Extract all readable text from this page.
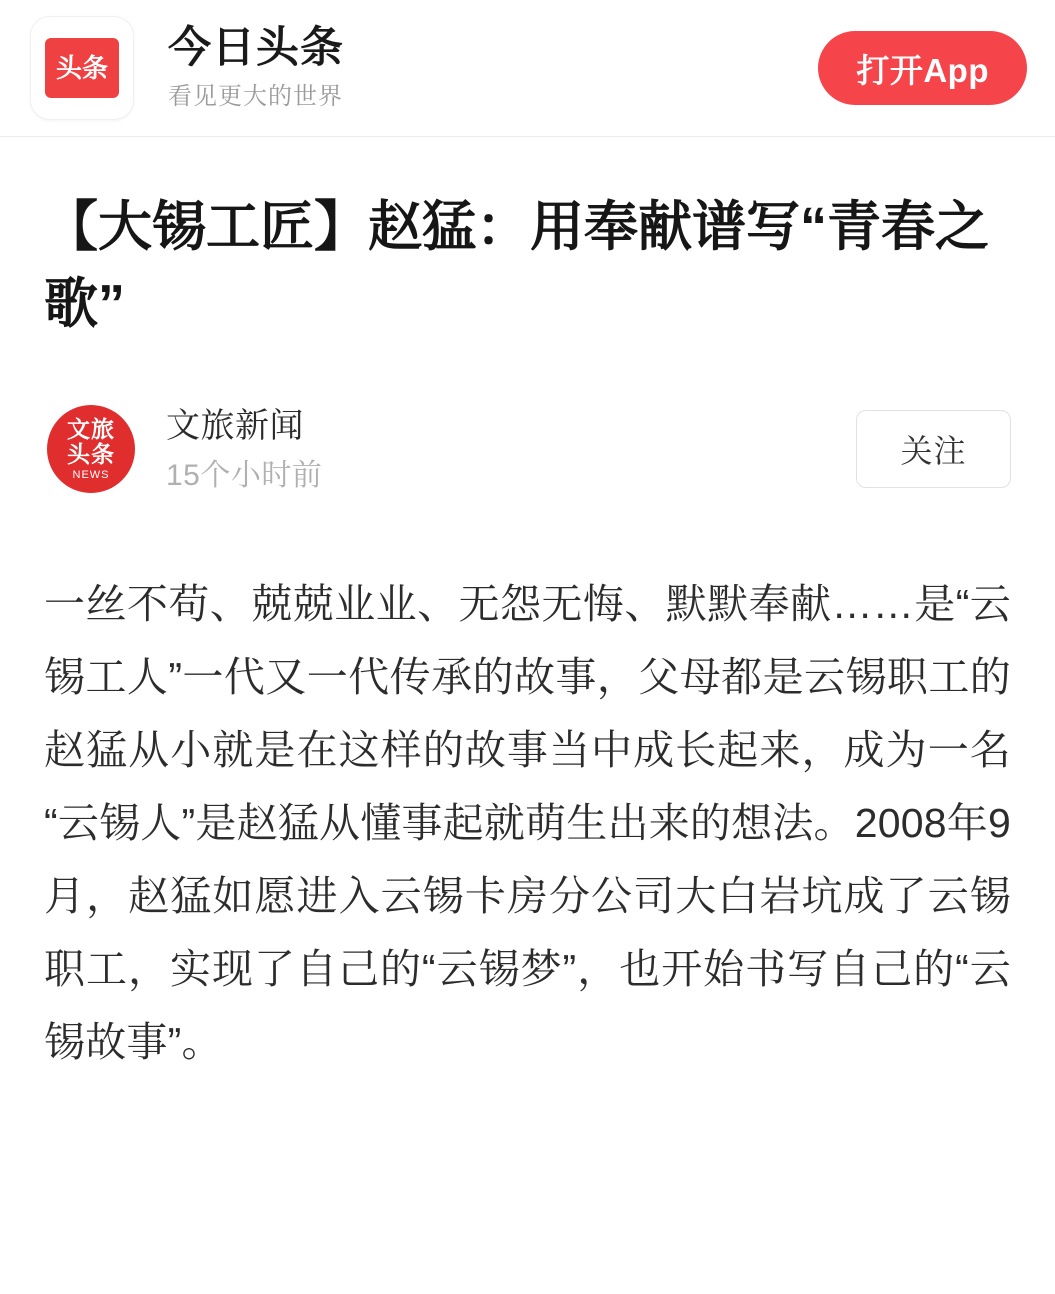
头条 今日头条
看见更大的世界
打开App
【大锡工匠】赵猛：用奉献谱写“青春之歌”
文旅
头条
NEWS
文旅新闻
15个小时前
关注
一丝不苟、兢兢业业、无怨无悔、默默奉献……是“云锡工人”一代又一代传承的故事，父母都是云锡职工的赵猛从小就是在这样的故事当中成长起来，成为一名“云锡人”是赵猛从懂事起就萌生出来的想法。2008年9月，赵猛如愿进入云锡卡房分公司大白岩坑成了云锡职工，实现了自己的“云锡梦”，也开始书写自己的“云锡故事”。
